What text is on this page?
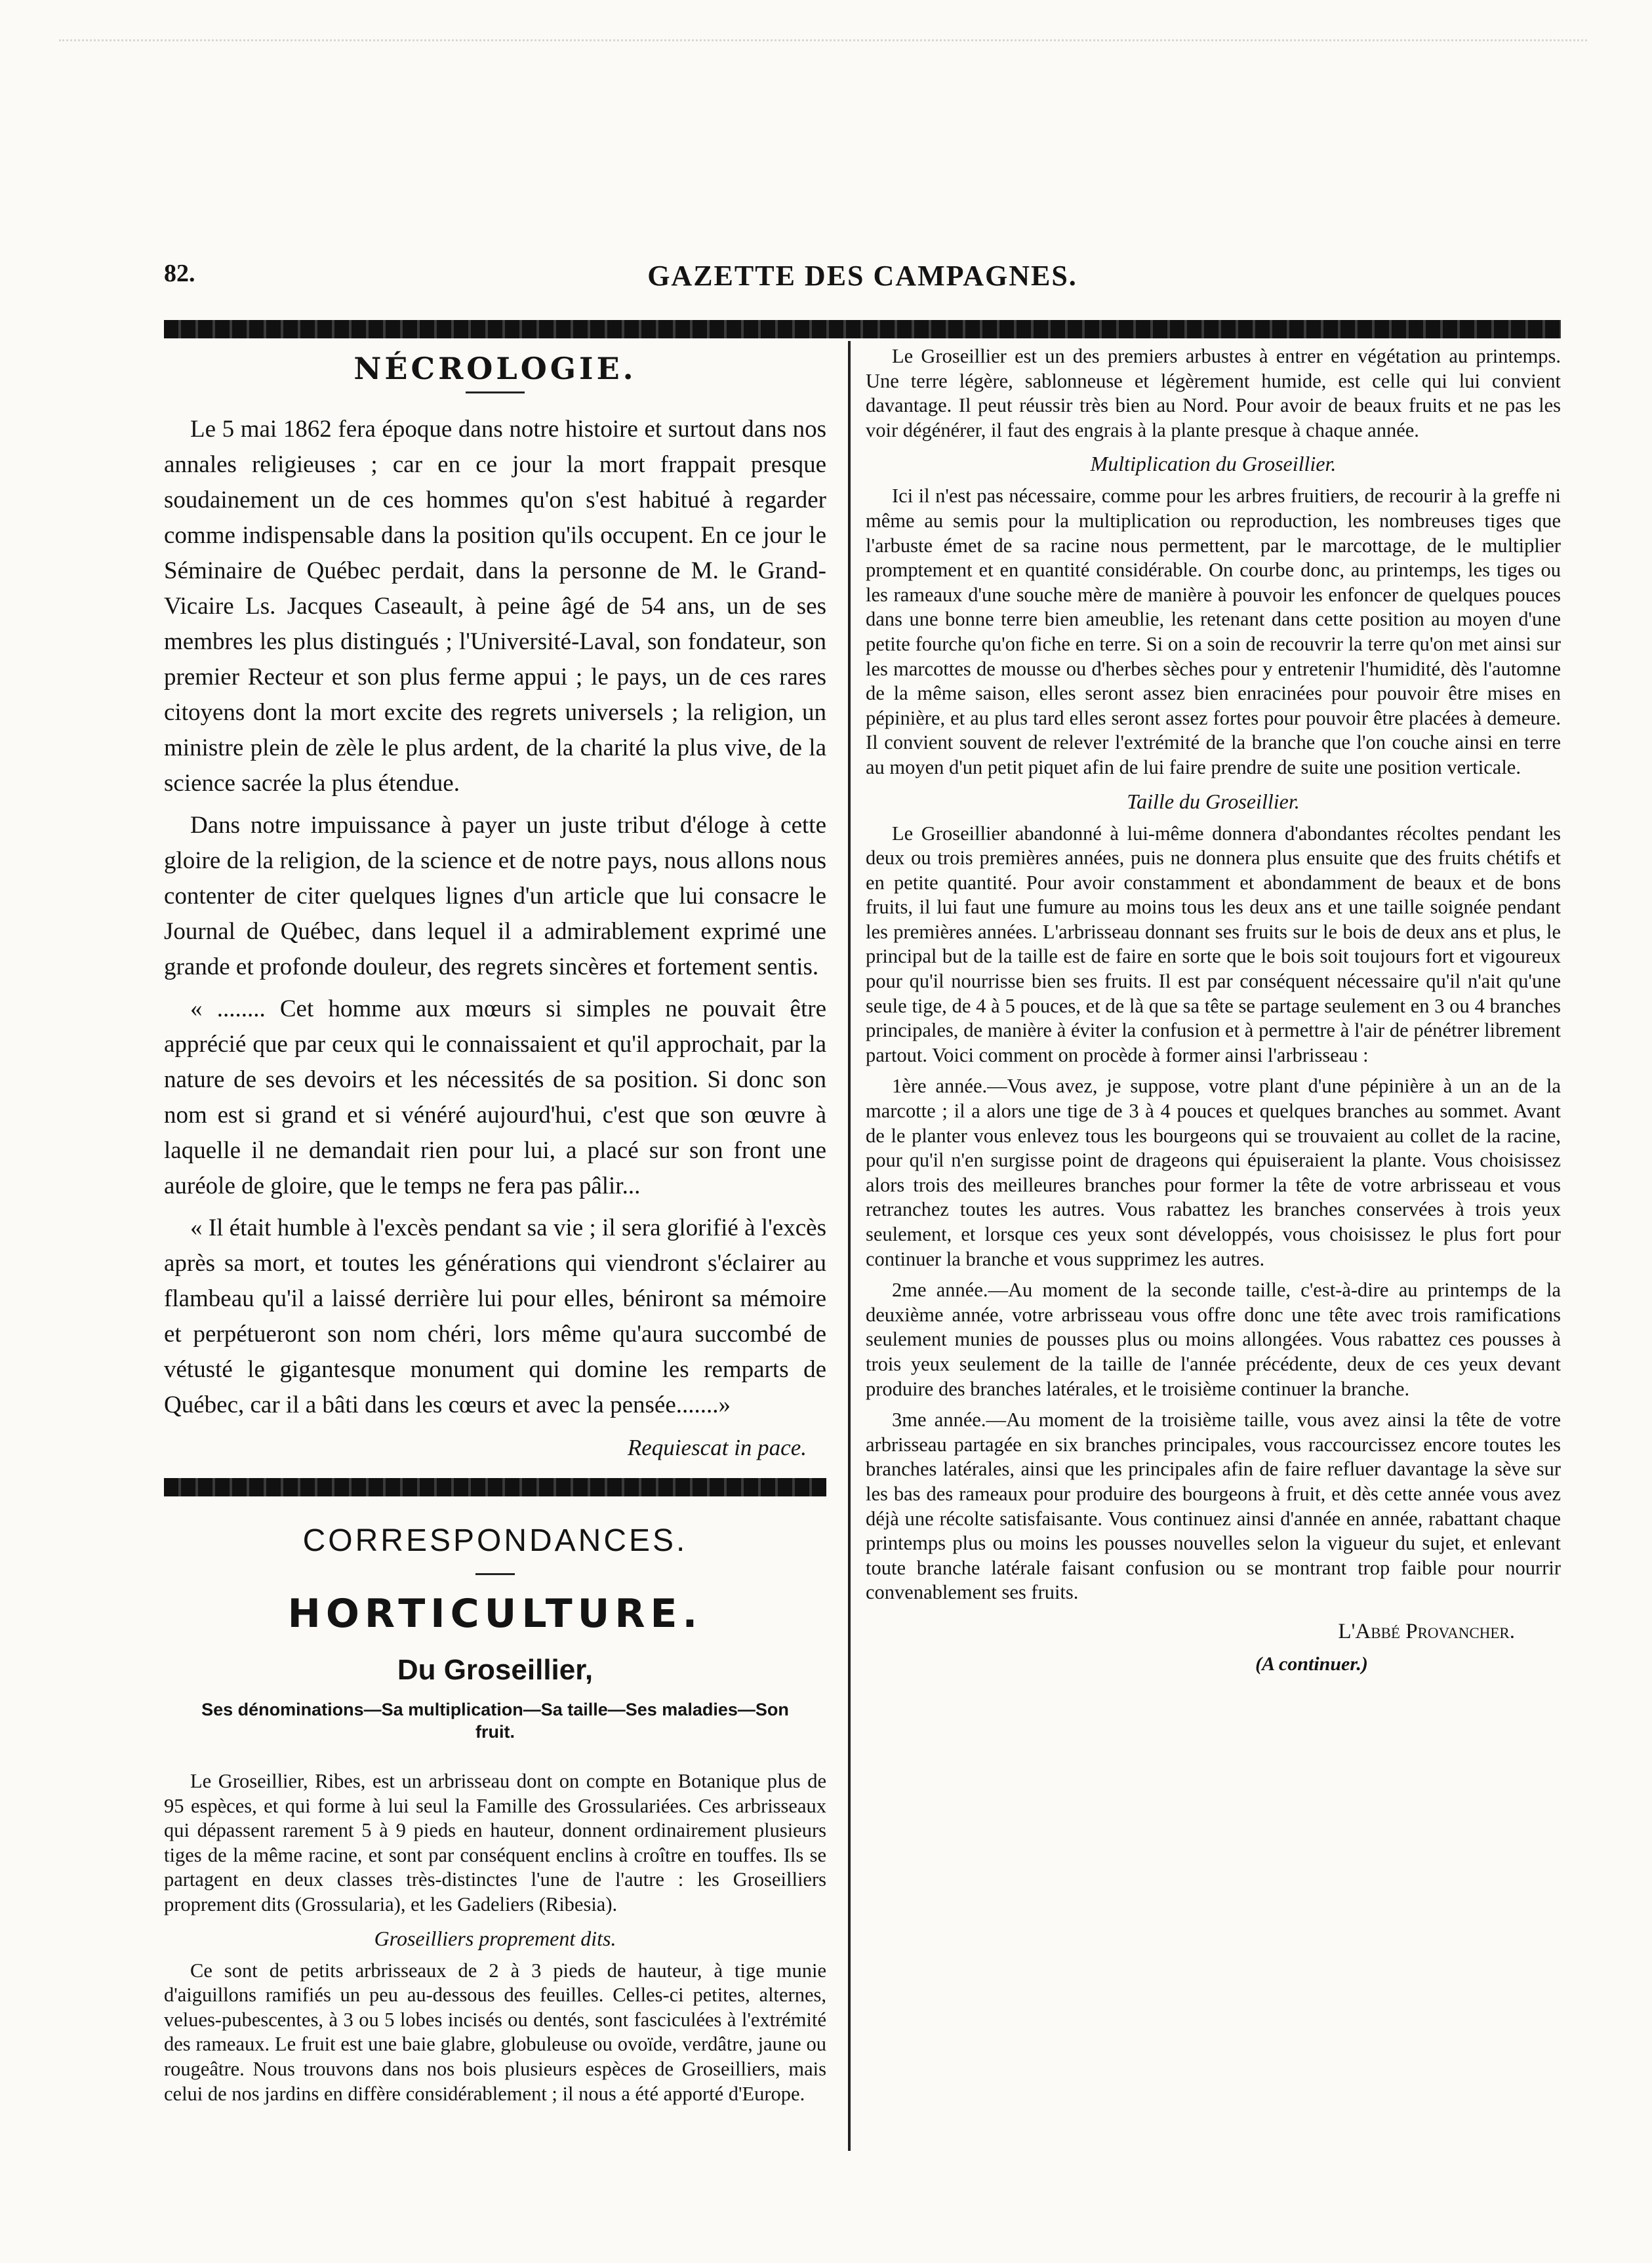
82.	GAZETTE DES CAMPAGNES.
NÉCROLOGIE.

Le 5 mai 1862 fera époque dans notre histoire et surtout dans nos annales religieuses ; car en ce jour la mort frappait presque soudainement un de ces hommes qu'on s'est habitué à regarder comme indispensable dans la position qu'ils occupent. En ce jour le Séminaire de Québec perdait, dans la personne de M. le Grand-Vicaire Ls. Jacques Caseault, à peine âgé de 54 ans, un de ses membres les plus distingués ; l'Université-Laval, son fondateur, son premier Recteur et son plus ferme appui ; le pays, un de ces rares citoyens dont la mort excite des regrets universels ; la religion, un ministre plein de zèle le plus ardent, de la charité la plus vive, de la science sacrée la plus étendue.

Dans notre impuissance à payer un juste tribut d'éloge à cette gloire de la religion, de la science et de notre pays, nous allons nous contenter de citer quelques lignes d'un article que lui consacre le Journal de Québec, dans lequel il a admirablement exprimé une grande et profonde douleur, des regrets sincères et fortement sentis.

« ........ Cet homme aux mœurs si simples ne pouvait être apprécié que par ceux qui le connaissaient et qu'il approchait, par la nature de ses devoirs et les nécessités de sa position. Si donc son nom est si grand et si vénéré aujourd'hui, c'est que son œuvre à laquelle il ne demandait rien pour lui, a placé sur son front une auréole de gloire, que le temps ne fera pas pâlir...

« Il était humble à l'excès pendant sa vie ; il sera glorifié à l'excès après sa mort, et toutes les générations qui viendront s'éclairer au flambeau qu'il a laissé derrière lui pour elles, béniront sa mémoire et perpétueront son nom chéri, lors même qu'aura succombé de vétusté le gigantesque monument qui domine les remparts de Québec, car il a bâti dans les cœurs et avec la pensée.......»

Requiescat in pace.
CORRESPONDANCES.
HORTICULTURE.
Du Groseillier,
Ses dénominations—Sa multiplication—Sa taille—Ses maladies—Son fruit.

Le Groseillier, Ribes, est un arbrisseau dont on compte en Botanique plus de 95 espèces, et qui forme à lui seul la Famille des Grossulariées. Ces arbrisseaux qui dépassent rarement 5 à 9 pieds en hauteur, donnent ordinairement plusieurs tiges de la même racine, et sont par conséquent enclins à croître en touffes. Ils se partagent en deux classes très-distinctes l'une de l'autre : les Groseilliers proprement dits (Grossularia), et les Gadeliers (Ribesia).

Groseilliers proprement dits.

Ce sont de petits arbrisseaux de 2 à 3 pieds de hauteur, à tige munie d'aiguillons ramifiés un peu au-dessous des feuilles. Celles-ci petites, alternes, velues-pubescentes, à 3 ou 5 lobes incisés ou dentés, sont fasciculées à l'extrémité des rameaux. Le fruit est une baie glabre, globuleuse ou ovoïde, verdâtre, jaune ou rougeâtre. Nous trouvons dans nos bois plusieurs espèces de Groseilliers, mais celui de nos jardins en diffère considérablement ; il nous a été apporté d'Europe.

Le Groseillier est un des premiers arbustes à entrer en végétation au printemps. Une terre légère, sablonneuse et légèrement humide, est celle qui lui convient davantage. Il peut réussir très bien au Nord. Pour avoir de beaux fruits et ne pas les voir dégénérer, il faut des engrais à la plante presque à chaque année.

Multiplication du Groseillier.

Ici il n'est pas nécessaire, comme pour les arbres fruitiers, de recourir à la greffe ni même au semis pour la multiplication ou reproduction, les nombreuses tiges que l'arbuste émet de sa racine nous permettent, par le marcottage, de le multiplier promptement et en quantité considérable. On courbe donc, au printemps, les tiges ou les rameaux d'une souche mère de manière à pouvoir les enfoncer de quelques pouces dans une bonne terre bien ameublie, les retenant dans cette position au moyen d'une petite fourche qu'on fiche en terre. Si on a soin de recouvrir la terre qu'on met ainsi sur les marcottes de mousse ou d'herbes sèches pour y entretenir l'humidité, dès l'automne de la même saison, elles seront assez bien enracinées pour pouvoir être mises en pépinière, et au plus tard elles seront assez fortes pour pouvoir être placées à demeure. Il convient souvent de relever l'extrémité de la branche que l'on couche ainsi en terre au moyen d'un petit piquet afin de lui faire prendre de suite une position verticale.

Taille du Groseillier.

Le Groseillier abandonné à lui-même donnera d'abondantes récoltes pendant les deux ou trois premières années, puis ne donnera plus ensuite que des fruits chétifs et en petite quantité. Pour avoir constamment et abondamment de beaux et de bons fruits, il lui faut une fumure au moins tous les deux ans et une taille soignée pendant les premières années. L'arbrisseau donnant ses fruits sur le bois de deux ans et plus, le principal but de la taille est de faire en sorte que le bois soit toujours fort et vigoureux pour qu'il nourrisse bien ses fruits. Il est par conséquent nécessaire qu'il n'ait qu'une seule tige, de 4 à 5 pouces, et de là que sa tête se partage seulement en 3 ou 4 branches principales, de manière à éviter la confusion et à permettre à l'air de pénétrer librement partout. Voici comment on procède à former ainsi l'arbrisseau :

1ère année.—Vous avez, je suppose, votre plant d'une pépinière à un an de la marcotte ; il a alors une tige de 3 à 4 pouces et quelques branches au sommet. Avant de le planter vous enlevez tous les bourgeons qui se trouvaient au collet de la racine, pour qu'il n'en surgisse point de drageons qui épuiseraient la plante. Vous choisissez alors trois des meilleures branches pour former la tête de votre arbrisseau et vous retranchez toutes les autres. Vous rabattez les branches conservées à trois yeux seulement, et lorsque ces yeux sont développés, vous choisissez le plus fort pour continuer la branche et vous supprimez les autres.

2me année.—Au moment de la seconde taille, c'est-à-dire au printemps de la deuxième année, votre arbrisseau vous offre donc une tête avec trois ramifications seulement munies de pousses plus ou moins allongées. Vous rabattez ces pousses à trois yeux seulement de la taille de l'année précédente, deux de ces yeux devant produire des branches latérales, et le troisième continuer la branche.

3me année.—Au moment de la troisième taille, vous avez ainsi la tête de votre arbrisseau partagée en six branches principales, vous raccourcissez encore toutes les branches latérales, ainsi que les principales afin de faire refluer davantage la sève sur les bas des rameaux pour produire des bourgeons à fruit, et dès cette année vous avez déjà une récolte satisfaisante. Vous continuez ainsi d'année en année, rabattant chaque printemps plus ou moins les pousses nouvelles selon la vigueur du sujet, et enlevant toute branche latérale faisant confusion ou se montrant trop faible pour nourrir convenablement ses fruits.

L'Abbé Provancher.
(A continuer.)
